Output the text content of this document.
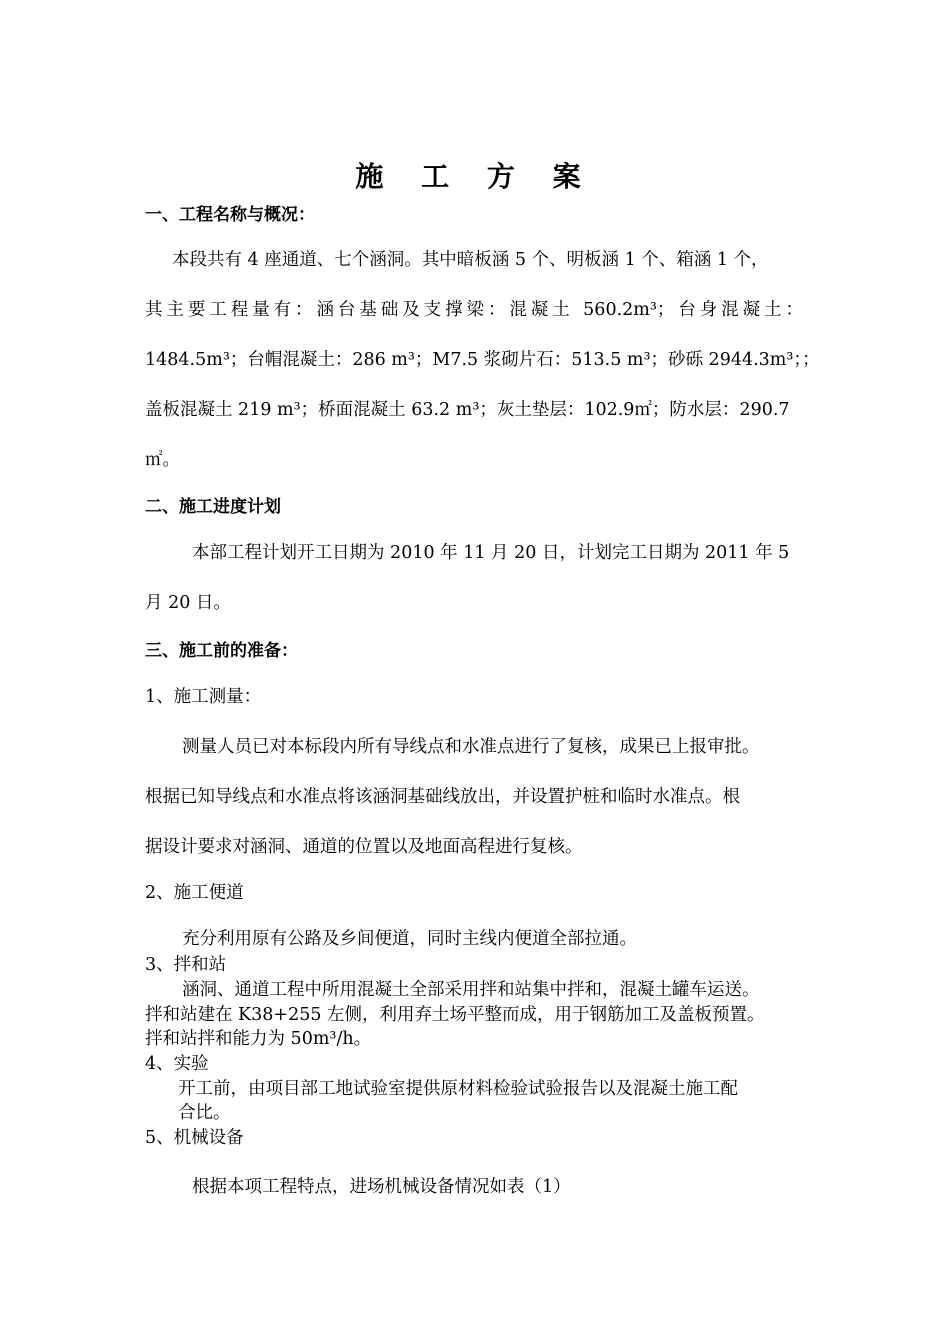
施 工 方 案
一、工程名称与概况：
本段共有 4 座通道、七个涵洞。其中暗板涵 5 个、明板涵 1 个、箱涵 1 个，
其主要工程量有：涵台基础及支撑梁：混凝土 560.2m³；台身混凝土：
1484.5m³；台帽混凝土：286 m³；M7.5 浆砌片石：513.5 m³；砂砾 2944.3m³；；
盖板混凝土 219 m³；桥面混凝土 63.2 m³；灰土垫层：102.9㎡；防水层：290.7
㎡。
二、施工进度计划
本部工程计划开工日期为 2010 年 11 月 20 日，计划完工日期为 2011 年 5
月 20 日。
三、施工前的准备：
1、施工测量：
测量人员已对本标段内所有导线点和水准点进行了复核，成果已上报审批。
根据已知导线点和水准点将该涵洞基础线放出，并设置护桩和临时水准点。根
据设计要求对涵洞、通道的位置以及地面高程进行复核。
2、施工便道
充分利用原有公路及乡间便道，同时主线内便道全部拉通。
3、拌和站
涵洞、通道工程中所用混凝土全部采用拌和站集中拌和，混凝土罐车运送。
拌和站建在 K38+255 左侧，利用弃土场平整而成，用于钢筋加工及盖板预置。
拌和站拌和能力为 50m³/h。
4、实验
开工前，由项目部工地试验室提供原材料检验试验报告以及混凝土施工配
合比。
5、机械设备
根据本项工程特点，进场机械设备情况如表（1）
